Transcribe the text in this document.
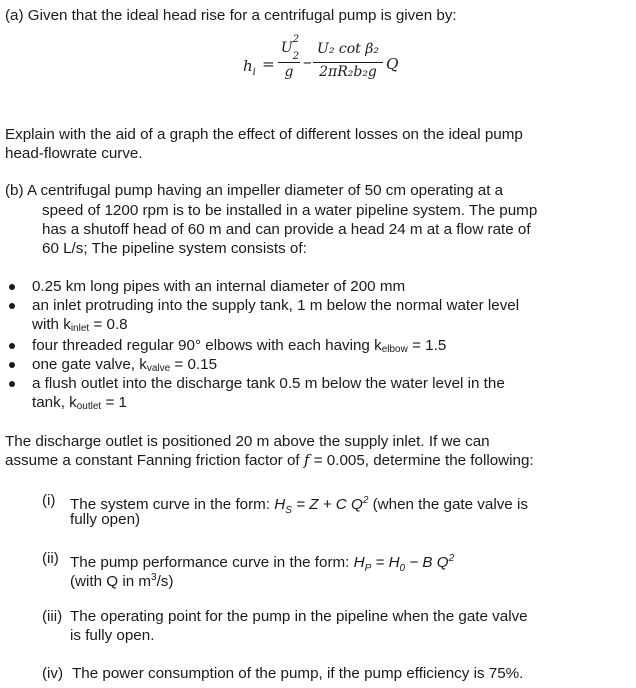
(a) Given that the ideal head rise for a centrifugal pump is given by:
$h_i$ =
U
2
$_2$
g −
U₂ cot β₂
2πR₂b₂g Q
Explain with the aid of a graph the effect of different losses on the ideal pump
head-flowrate curve.
(b) A centrifugal pump having an impeller diameter of 50 cm operating at a
speed of 1200 rpm is to be installed in a water pipeline system. The pump
has a shutoff head of 60 m and can provide a head 24 m at a flow rate of
60 L/s; The pipeline system consists of:
0.25 km long pipes with an internal diameter of 200 mm
an inlet protruding into the supply tank, 1 m below the normal water level
with kinlet = 0.8
four threaded regular 90° elbows with each having kelbow = 1.5
one gate valve, kvalve = 0.15
a flush outlet into the discharge tank 0.5 m below the water level in the
tank, koutlet = 1
The discharge outlet is positioned 20 m above the supply inlet. If we can
assume a constant Fanning friction factor of f = 0.005, determine the following:
(i) The system curve in the form: $H_S = Z + C$ $Q^2$ (when the gate valve is
fully open)
(ii) The pump performance curve in the form: $H_P = H_0 - B$ $Q^2$
(with Q in $m^3/s$)
(iii) The operating point for the pump in the pipeline when the gate valve
is fully open.
(iv) The power consumption of the pump, if the pump efficiency is 75%.
